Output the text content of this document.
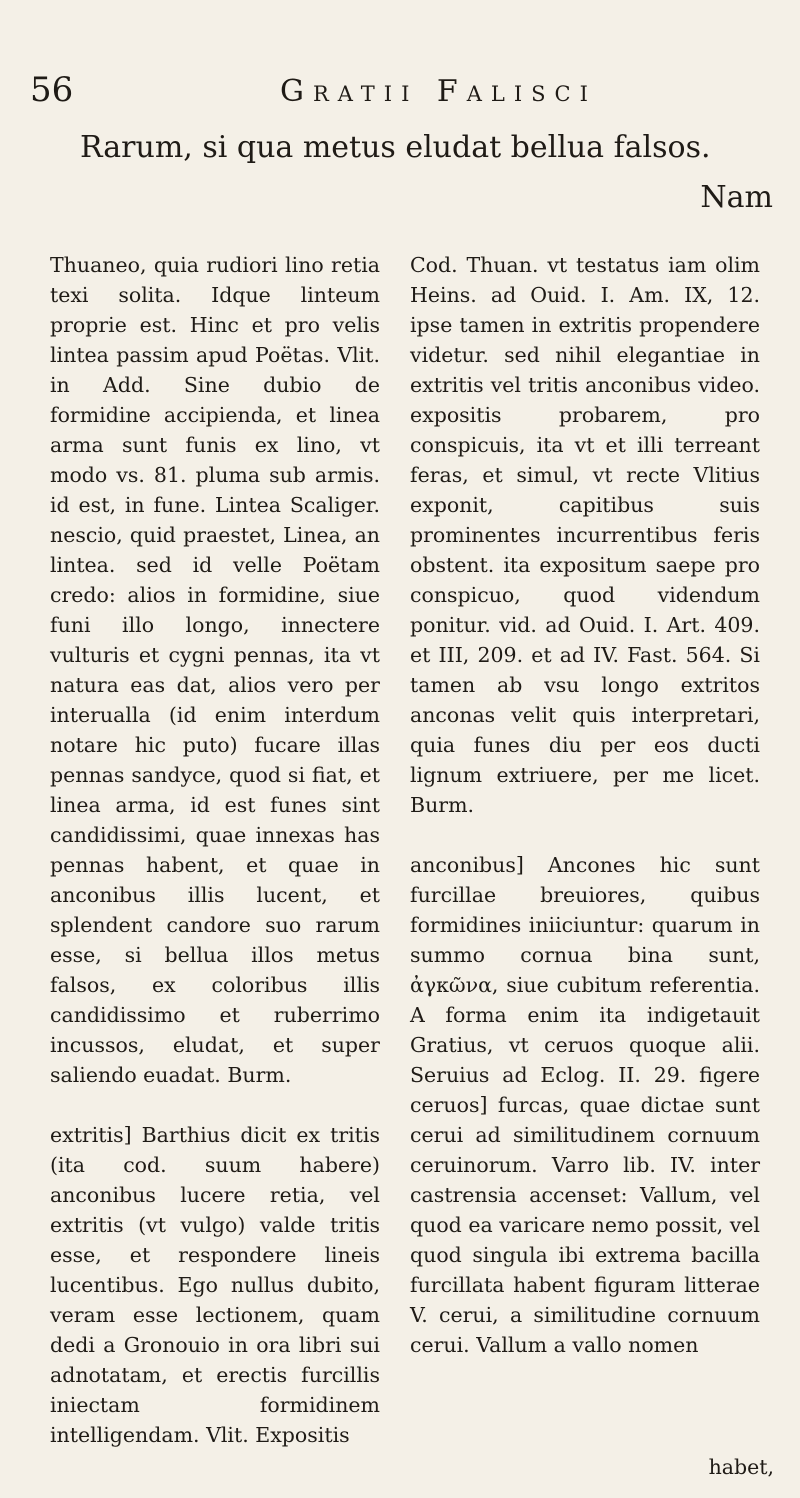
56	Gratii Falisci
Rarum, si qua metus eludat bellua falsos.
Nam

Thuaneo, quia rudiori lino retia texi solita. Idque linteum proprie est. Hinc et pro velis lintea passim apud Poëtas. Vlit. in Add. Sine dubio de formidine accipienda, et linea arma sunt funis ex lino, vt modo vs. 81. pluma sub armis. id est, in fune. Lintea Scaliger. nescio, quid praestet, Linea, an lintea. sed id velle Poëtam credo: alios in formidine, siue funi illo longo, innectere vulturis et cygni pennas, ita vt natura eas dat, alios vero per interualla (id enim interdum notare hic puto) fucare illas pennas sandyce, quod si fiat, et linea arma, id est funes sint candidissimi, quae innexas has pennas habent, et quae in anconibus illis lucent, et splendent candore suo rarum esse, si bellua illos metus falsos, ex coloribus illis candidissimo et ruberrimo incussos, eludat, et super saliendo euadat. Burm.

extritis] Barthius dicit ex tritis (ita cod. suum habere) anconibus lucere retia, vel extritis (vt vulgo) valde tritis esse, et respondere lineis lucentibus. Ego nullus dubito, veram esse lectionem, quam dedi a Gronouio in ora libri sui adnotatam, et erectis furcillis iniectam formidinem intelligendam. Vlit. Expositis

Cod. Thuan. vt testatus iam olim Heins. ad Ouid. I. Am. IX, 12. ipse tamen in extritis propendere videtur. sed nihil elegantiae in extritis vel tritis anconibus video. expositis probarem, pro conspicuis, ita vt et illi terreant feras, et simul, vt recte Vlitius exponit, capitibus suis prominentes incurrentibus feris obstent. ita expositum saepe pro conspicuo, quod videndum ponitur. vid. ad Ouid. I. Art. 409. et III, 209. et ad IV. Fast. 564. Si tamen ab vsu longo extritos anconas velit quis interpretari, quia funes diu per eos ducti lignum extriuere, per me licet. Burm.

anconibus] Ancones hic sunt furcillae breuiores, quibus formidines iniiciuntur: quarum in summo cornua bina sunt, ἀγκῶνα, siue cubitum referentia. A forma enim ita indigetauit Gratius, vt ceruos quoque alii. Seruius ad Eclog. II. 29. figere ceruos] furcas, quae dictae sunt cerui ad similitudinem cornuum ceruinorum. Varro lib. IV. inter castrensia accenset: Vallum, vel quod ea varicare nemo possit, vel quod singula ibi extrema bacilla furcillata habent figuram litterae V. cerui, a similitudine cornuum cerui. Vallum a vallo nomen

habet,
